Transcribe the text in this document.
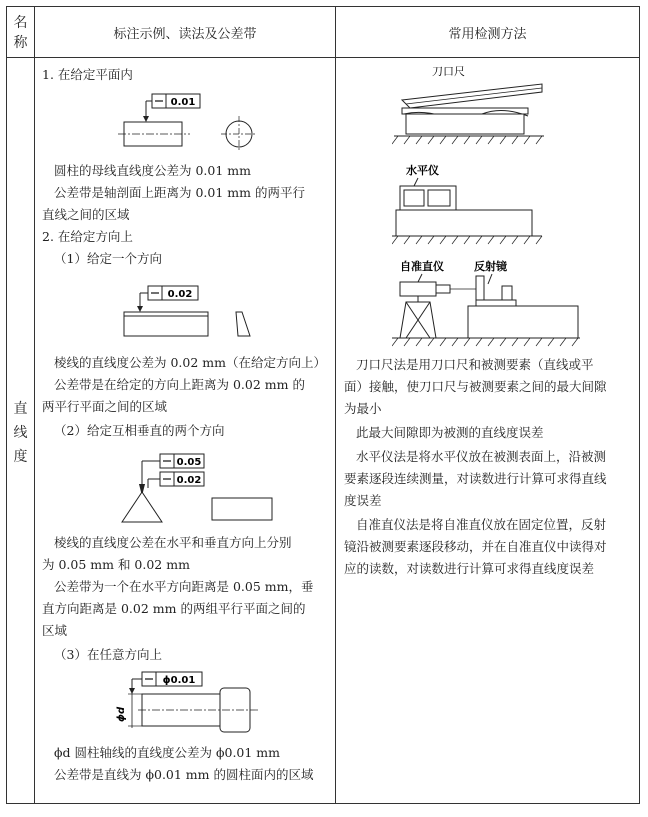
名
称
标注示例、读法及公差带	常用检测方法
直
线
度
1. 在给定平面内
0.01
圆柱的母线直线度公差为 0.01 mm
公差带是轴剖面上距离为 0.01 mm 的两平行
直线之间的区域
2. 在给定方向上
（1）给定一个方向
0.02
棱线的直线度公差为 0.02 mm（在给定方向上）
公差带是在给定的方向上距离为 0.02 mm 的
两平行平面之间的区域
（2）给定互相垂直的两个方向
0.05
0.02
棱线的直线度公差在水平和垂直方向上分别
为 0.05 mm 和 0.02 mm
公差带为一个在水平方向距离是 0.05 mm，垂
直方向距离是 0.02 mm 的两组平行平面之间的
区域
（3）在任意方向上
ϕ0.01
ϕd
ϕd 圆柱轴线的直线度公差为 ϕ0.01 mm
公差带是直线为 ϕ0.01 mm 的圆柱面内的区域
刀口尺
水平仪
自准直仪	反射镜
刀口尺法是用刀口尺和被测要素（直线或平
面）接触，使刀口尺与被测要素之间的最大间隙
为最小
此最大间隙即为被测的直线度误差
水平仪法是将水平仪放在被测表面上，沿被测
要素逐段连续测量，对读数进行计算可求得直线
度误差
自准直仪法是将自准直仪放在固定位置，反射
镜沿被测要素逐段移动，并在自准直仪中读得对
应的读数，对读数进行计算可求得直线度误差
